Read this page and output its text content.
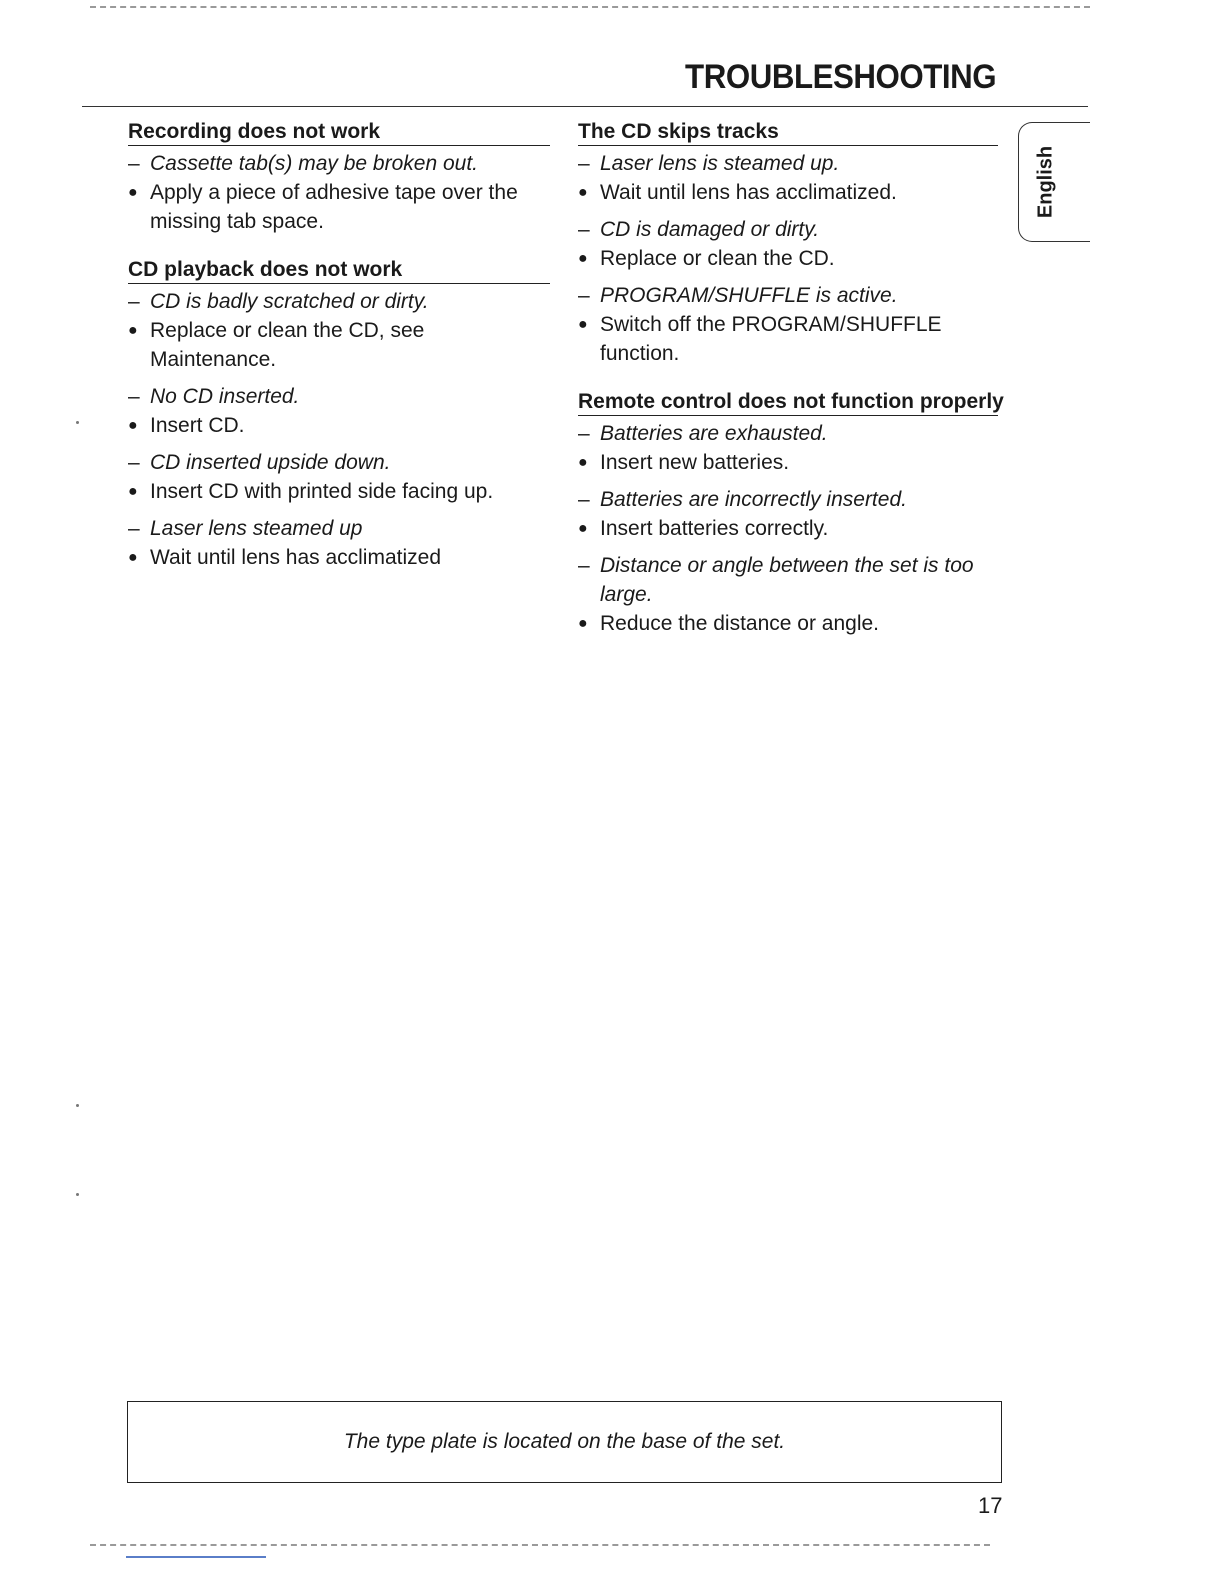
TROUBLESHOOTING
Recording does not work
– Cassette tab(s) may be broken out.
● Apply a piece of adhesive tape over the missing tab space.
CD playback does not work
– CD is badly scratched or dirty.
● Replace or clean the CD, see Maintenance.
– No CD inserted.
● Insert CD.
– CD inserted upside down.
● Insert CD with printed side facing up.
– Laser lens steamed up
● Wait until lens has acclimatized
The CD skips tracks
– Laser lens is steamed up.
● Wait until lens has acclimatized.
– CD is damaged or dirty.
● Replace or clean the CD.
– PROGRAM/SHUFFLE is active.
● Switch off the PROGRAM/SHUFFLE function.
Remote control does not function properly
– Batteries are exhausted.
● Insert new batteries.
– Batteries are incorrectly inserted.
● Insert batteries correctly.
– Distance or angle between the set is too large.
● Reduce the distance or angle.
English
The type plate is located on the base of the set.
17
